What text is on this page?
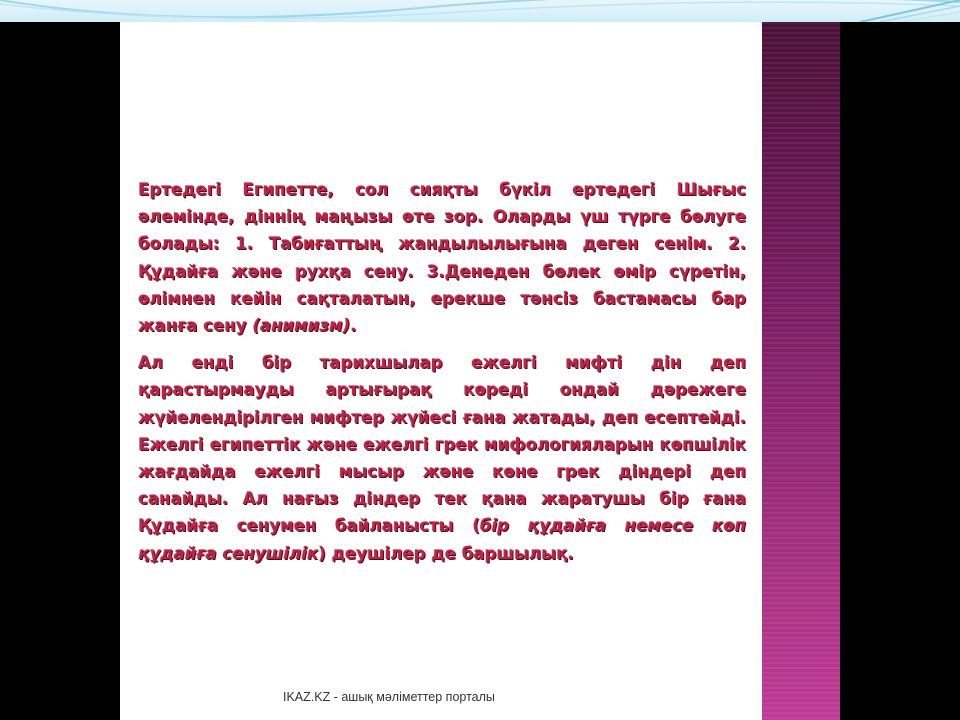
Ертедегі Египетте, сол сияқты бүкіл ертедегі Шығыс әлемінде, діннің маңызы өте зор. Оларды үш түрге бөлуге болады: 1. Табиғаттың жандылылығына деген сенім. 2. Құдайға және рухқа сену. 3.Денеден бөлек өмір сүретін, өлімнен кейін сақталатын, ерекше тәнсіз бастамасы бар жанға сену (анимизм).

Ал енді бір тарихшылар ежелгі мифті дін деп қарастырмауды артығырақ көреді ондай дәрежеге жүйелендірілген мифтер жүйесі ғана жатады, деп есептейді. Ежелгі египеттік және ежелгі грек мифологияларын көпшілік жағдайда ежелгі мысыр және көне грек діндері деп санайды. Ал нағыз діндер тек қана жаратушы бір ғана Құдайға сенумен байланысты (бір құдайға немесе көп құдайға сенушілік) деушілер де баршылық.

IKAZ.KZ - ашық мәліметтер порталы
